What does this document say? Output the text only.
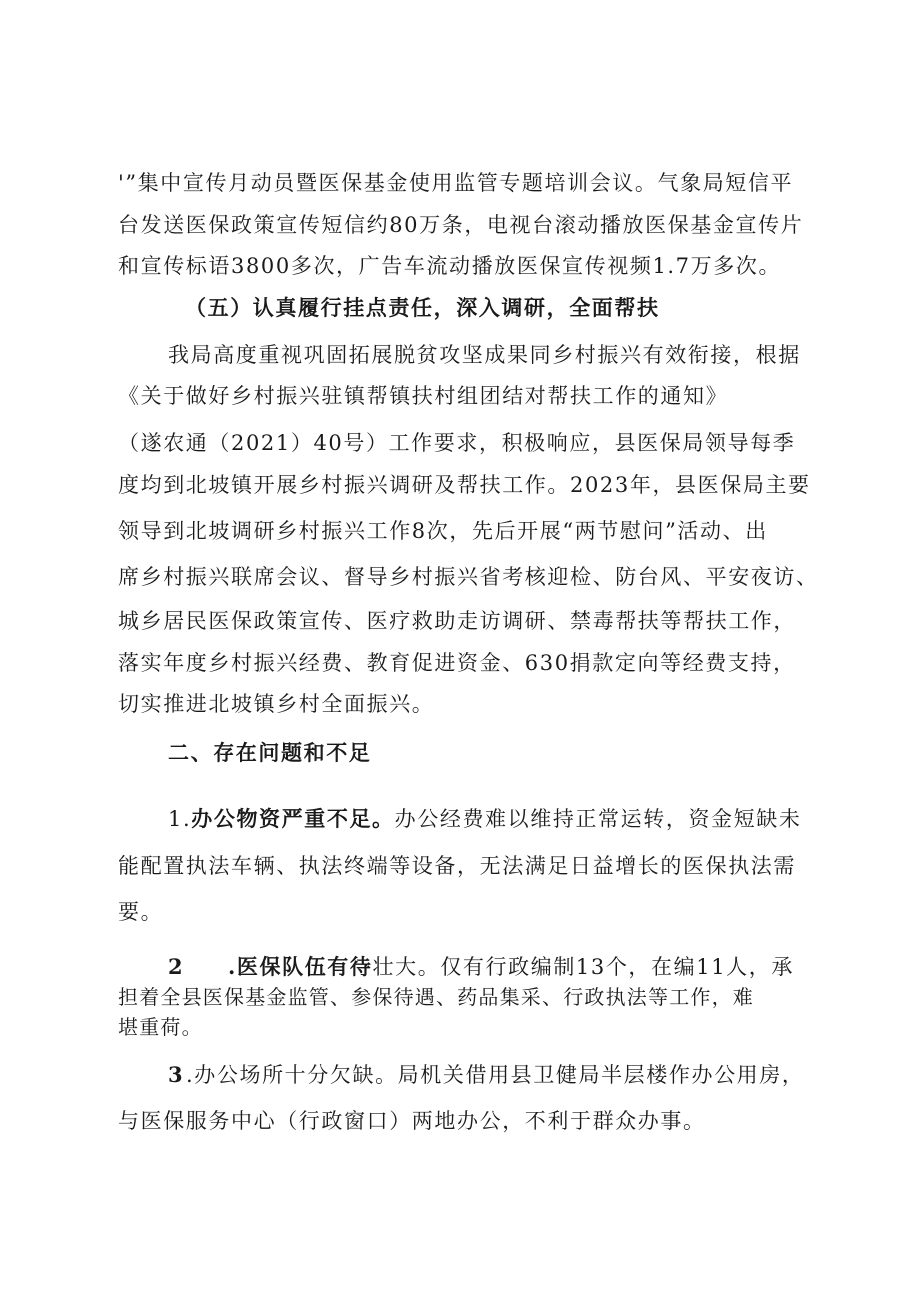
'”集中宣传月动员暨医保基金使用监管专题培训会议。气象局短信平
台发送医保政策宣传短信约80万条，电视台滚动播放医保基金宣传片
和宣传标语3800多次，广告车流动播放医保宣传视频1.7万多次。
（五）认真履行挂点责任，深入调研，全面帮扶
我局高度重视巩固拓展脱贫攻坚成果同乡村振兴有效衔接，根据
《关于做好乡村振兴驻镇帮镇扶村组团结对帮扶工作的通知》
（遂农通（2021）40号）工作要求，积极响应，县医保局领导每季
度均到北坡镇开展乡村振兴调研及帮扶工作。2023年，县医保局主要
领导到北坡调研乡村振兴工作8次，先后开展“两节慰问”活动、出
席乡村振兴联席会议、督导乡村振兴省考核迎检、防台风、平安夜访、
城乡居民医保政策宣传、医疗救助走访调研、禁毒帮扶等帮扶工作，
落实年度乡村振兴经费、教育促进资金、630捐款定向等经费支持，
切实推进北坡镇乡村全面振兴。
二、存在问题和不足
1.办公物资严重不足。办公经费难以维持正常运转，资金短缺未
能配置执法车辆、执法终端等设备，无法满足日益增长的医保执法需
要。
2 .医保队伍有待壮大。仅有行政编制13个，在编11人，承
担着全县医保基金监管、参保待遇、药品集采、行政执法等工作，难
堪重荷。
3.办公场所十分欠缺。局机关借用县卫健局半层楼作办公用房，
与医保服务中心（行政窗口）两地办公，不利于群众办事。
